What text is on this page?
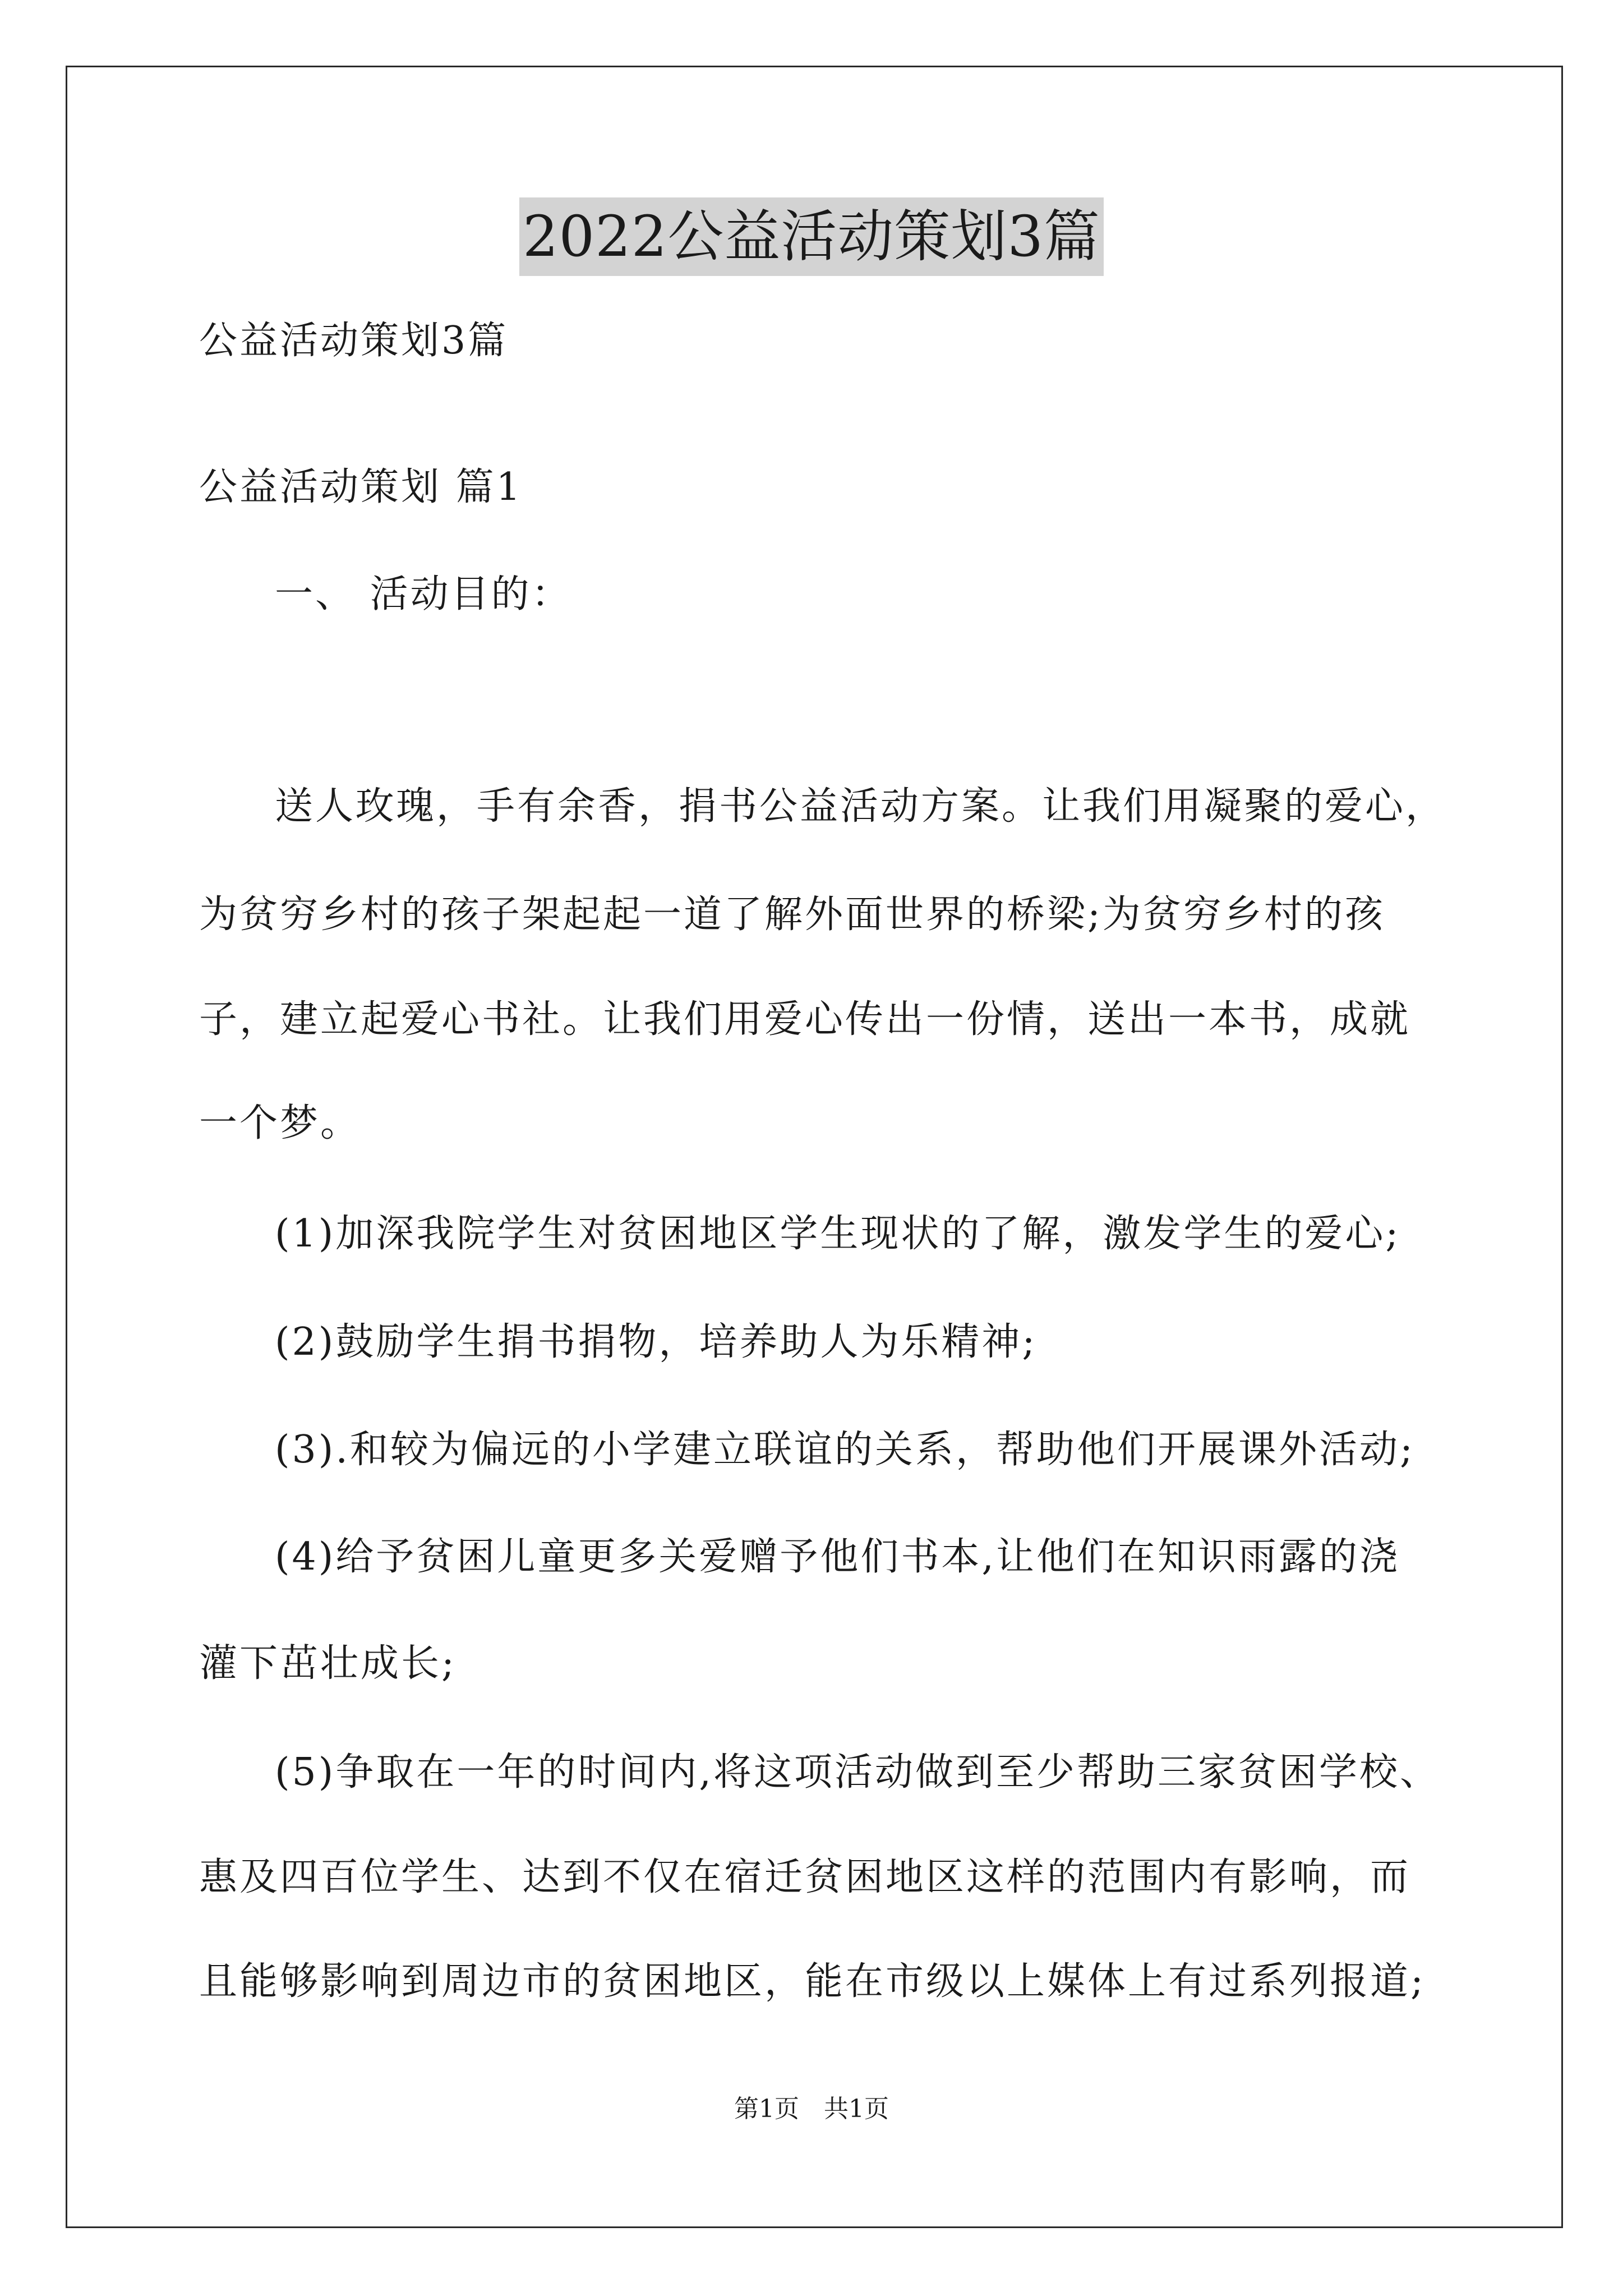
2022公益活动策划3篇
公益活动策划3篇
公益活动策划 篇1
一、 活动目的：
送人玫瑰，手有余香，捐书公益活动方案。让我们用凝聚的爱心，
为贫穷乡村的孩子架起起一道了解外面世界的桥梁;为贫穷乡村的孩
子，建立起爱心书社。让我们用爱心传出一份情，送出一本书，成就
一个梦。
(1)加深我院学生对贫困地区学生现状的了解，激发学生的爱心;
(2)鼓励学生捐书捐物，培养助人为乐精神;
(3).和较为偏远的小学建立联谊的关系，帮助他们开展课外活动;
(4)给予贫困儿童更多关爱赠予他们书本,让他们在知识雨露的浇
灌下茁壮成长;
(5)争取在一年的时间内,将这项活动做到至少帮助三家贫困学校、
惠及四百位学生、达到不仅在宿迁贫困地区这样的范围内有影响，而
且能够影响到周边市的贫困地区，能在市级以上媒体上有过系列报道;
第1页　共1页
